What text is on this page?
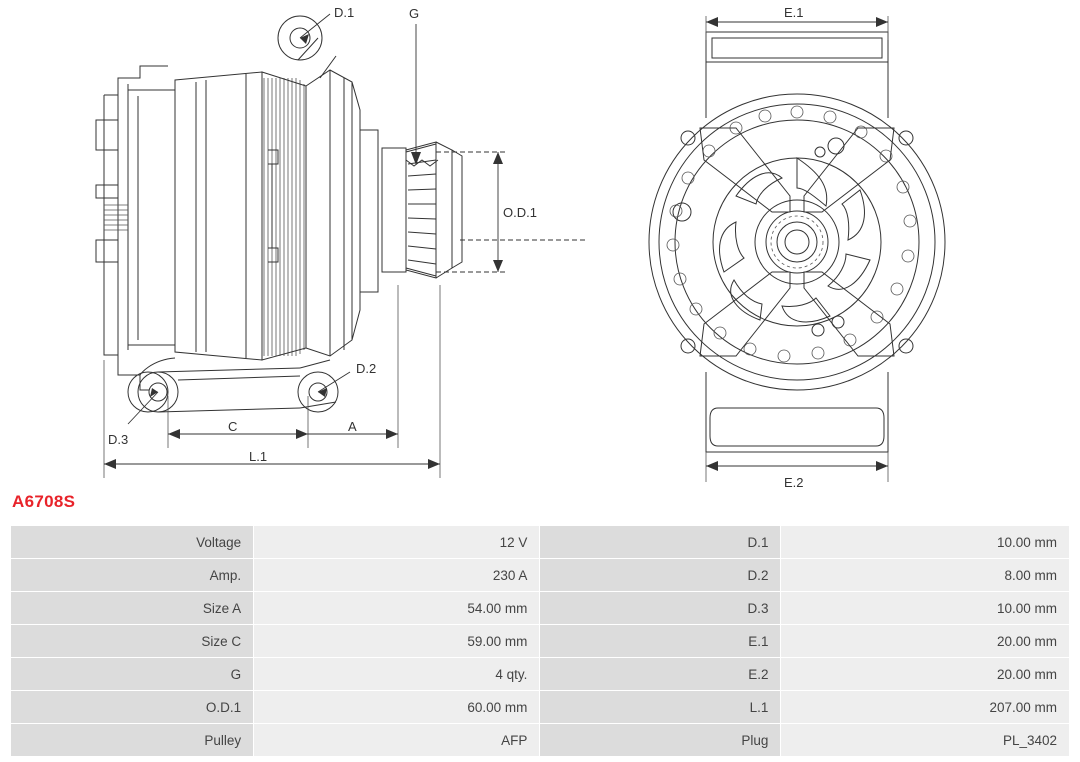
D.1
D.2
D.3
G
O.D.1
C	A
L.1
E.1
E.2
A6708S
Voltage	12 V	D.1	10.00 mm
Amp.	230 A	D.2	8.00 mm
Size A	54.00 mm	D.3	10.00 mm
Size C	59.00 mm	E.1	20.00 mm
G	4 qty.	E.2	20.00 mm
O.D.1	60.00 mm	L.1	207.00 mm
Pulley	AFP	Plug	PL_3402
